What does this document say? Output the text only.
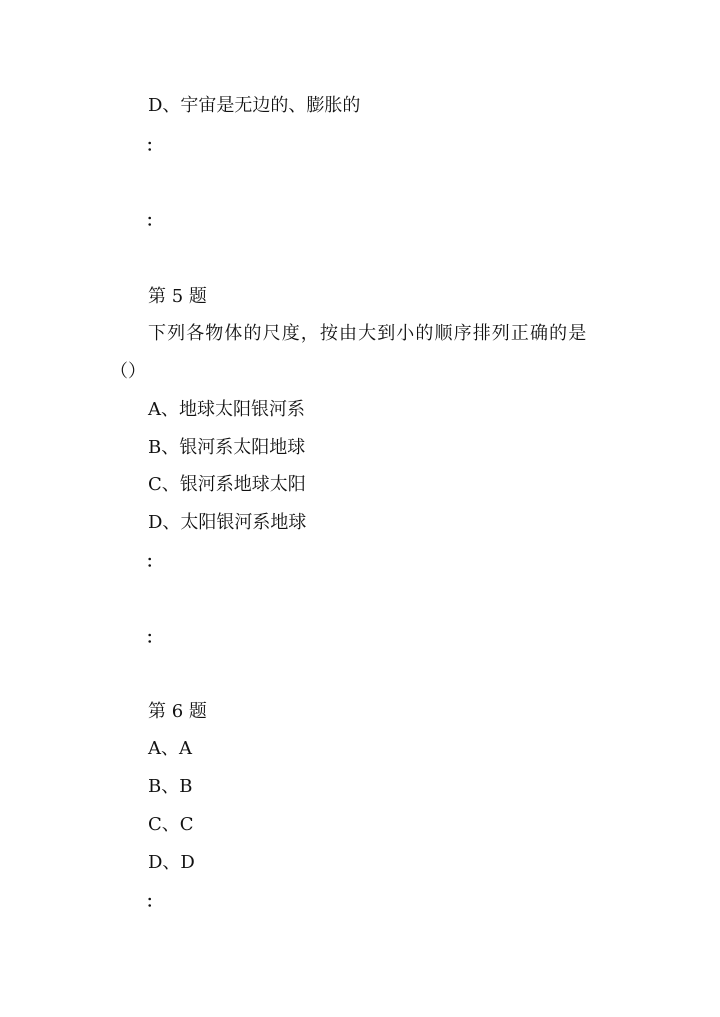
D、宇宙是无边的、膨胀的
：
：
第 5 题
下列各物体的尺度，按由大到小的顺序排列正确的是
（）
A、地球太阳银河系
B、银河系太阳地球
C、银河系地球太阳
D、太阳银河系地球
：
：
第 6 题
A、A
B、B
C、C
D、D
：
